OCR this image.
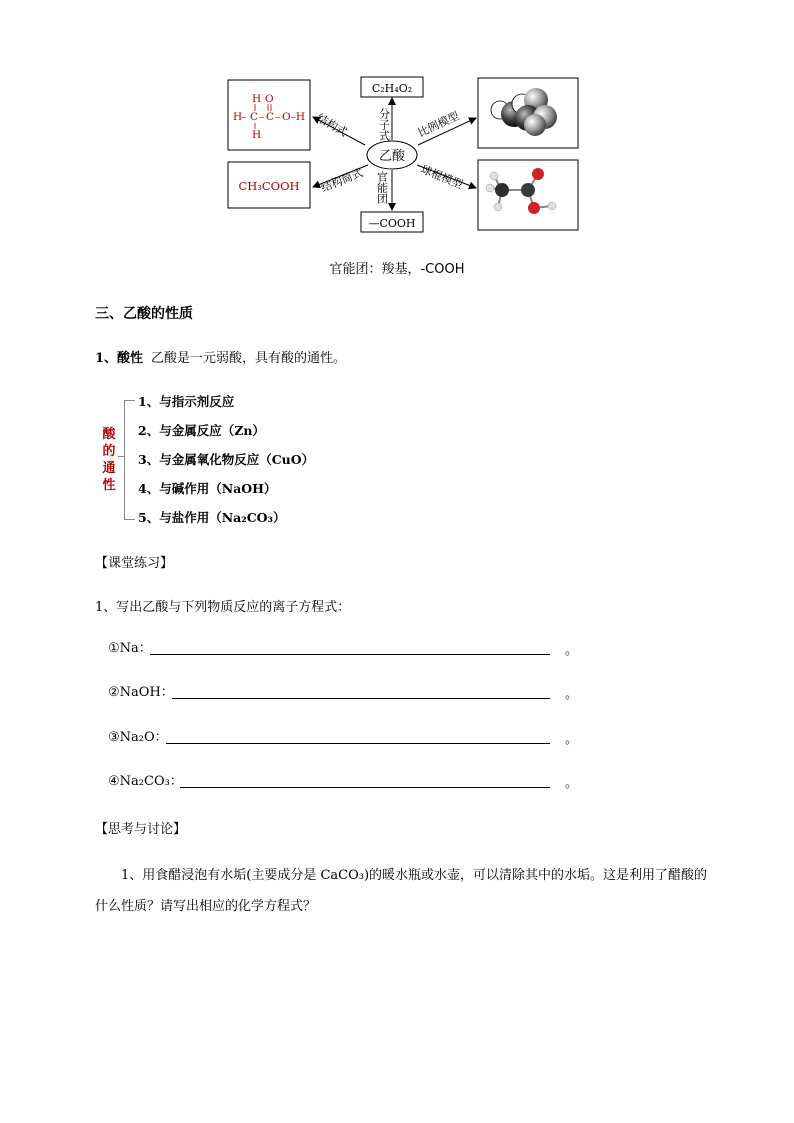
乙酸
C₂H₄O₂
—COOH
分子式
官能团
结构式
结构简式
比例模型
球棍模型
H O
H
– C – C – O–H
H
CH₃COOH
官能团：羧基，-COOH
三、乙酸的性质
1、酸性 乙酸是一元弱酸，具有酸的通性。
酸
的
通
性
1、与指示剂反应
2、与金属反应（Zn）
3、与金属氧化物反应（CuO）
4、与碱作用（NaOH）
5、与盐作用（Na₂CO₃）
【课堂练习】
1、写出乙酸与下列物质反应的离子方程式：
①Na：	。
②NaOH：	。
③Na₂O：	。
④Na₂CO₃：	。
【思考与讨论】
1、用食醋浸泡有水垢(主要成分是 CaCO₃)的暖水瓶或水壶，可以清除其中的水垢。这是利用了醋酸的什么性质？请写出相应的化学方程式？
